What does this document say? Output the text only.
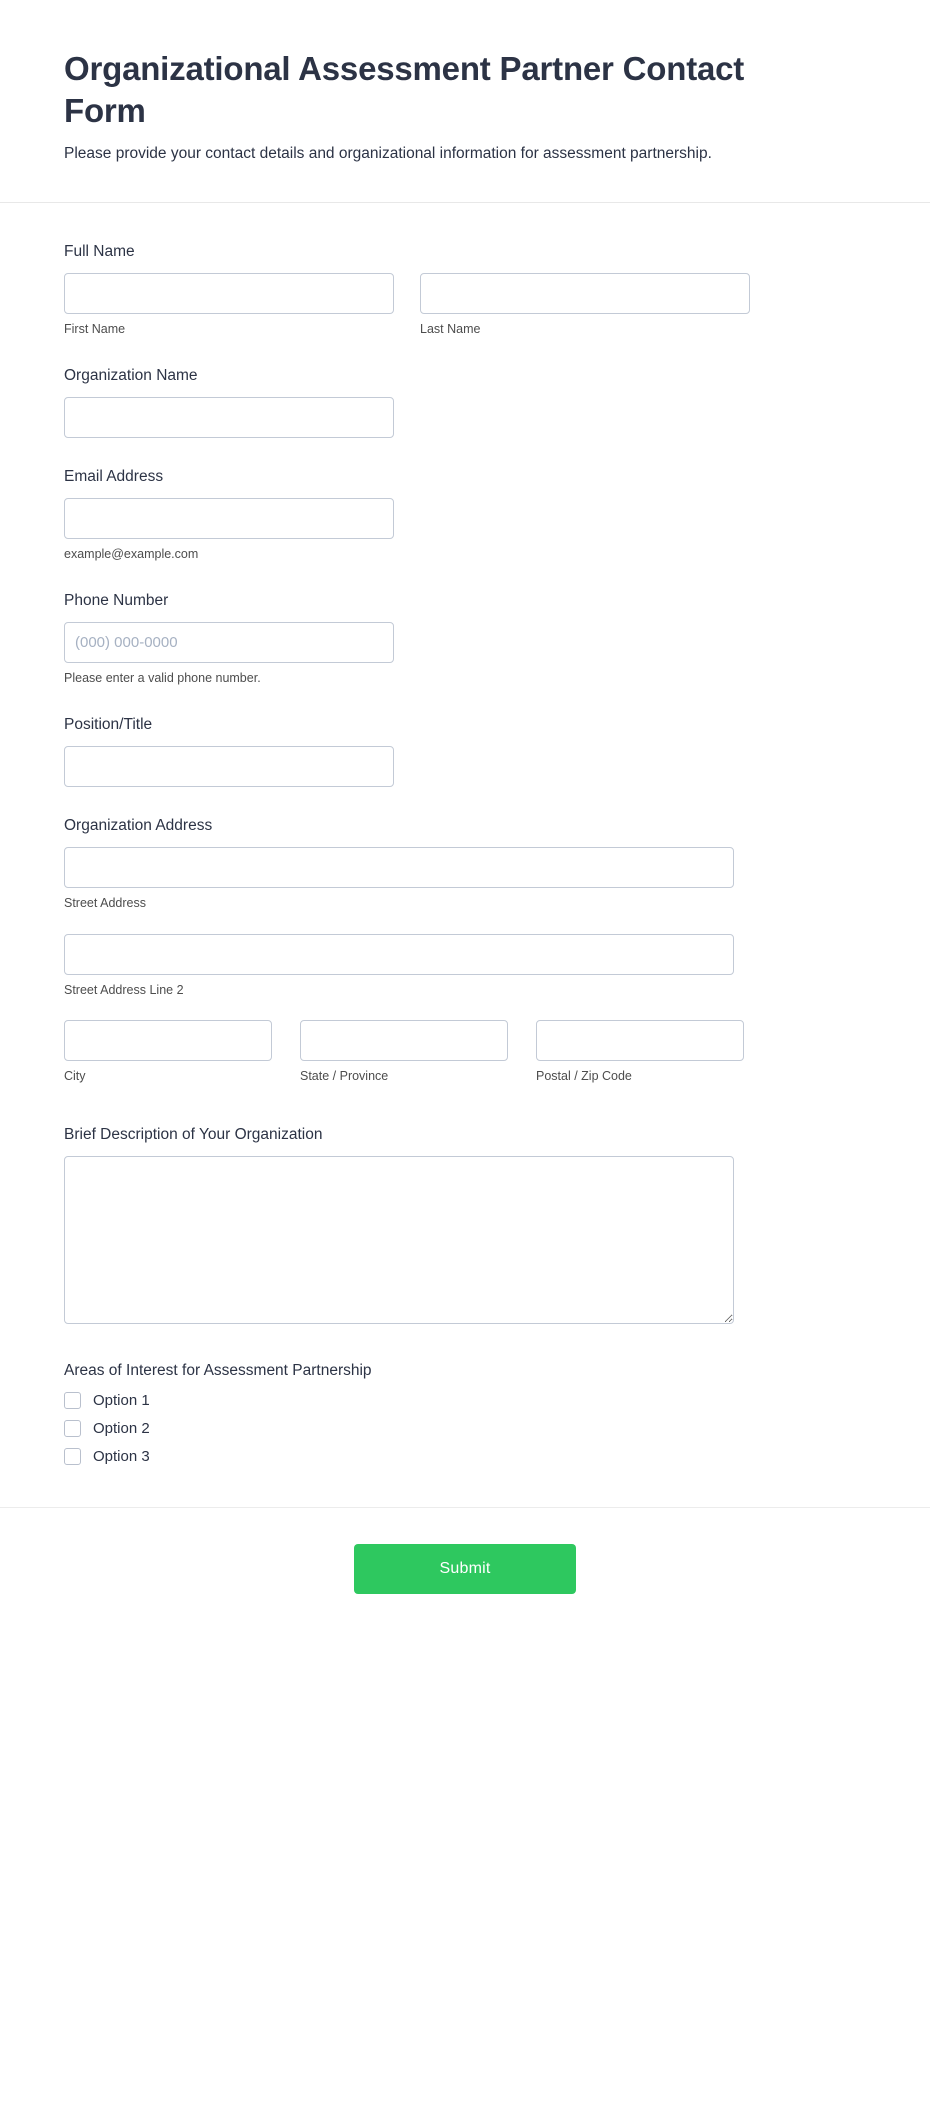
Organizational Assessment Partner Contact Form

Please provide your contact details and organizational information for assessment partnership.

Full Name
First Name	Last Name
Organization Name
Email Address
example@example.com
Phone Number
(000) 000-0000
Please enter a valid phone number.
Position/Title
Organization Address
Street Address
Street Address Line 2
City	State / Province	Postal / Zip Code
Brief Description of Your Organization
Areas of Interest for Assessment Partnership
Option 1
Option 2
Option 3
Submit
